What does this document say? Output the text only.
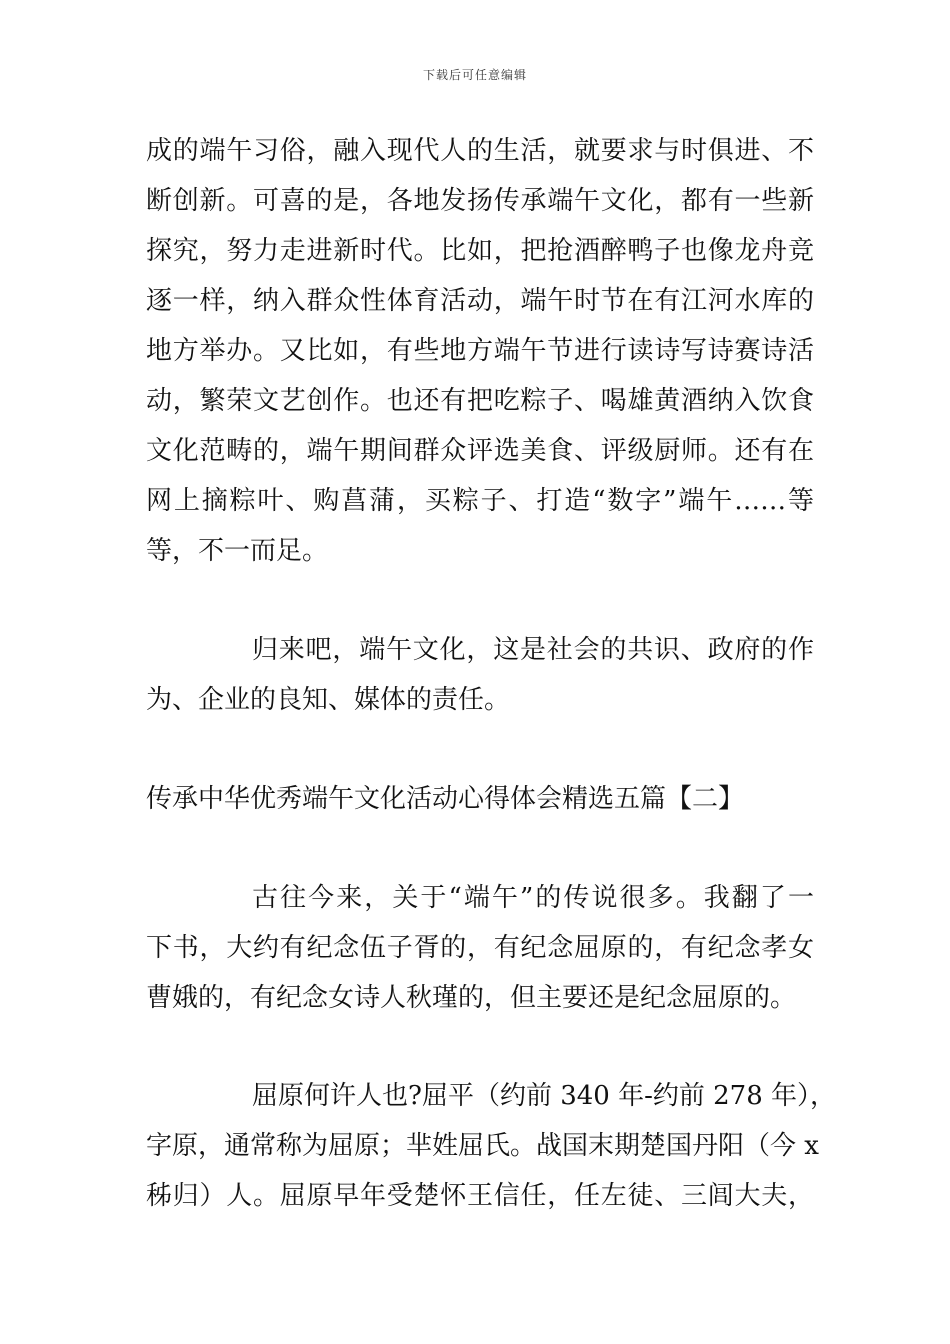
下载后可任意编辑
成的端午习俗，融入现代人的生活，就要求与时俱进、不
断创新。可喜的是，各地发扬传承端午文化，都有一些新
探究，努力走进新时代。比如，把抢酒醉鸭子也像龙舟竞
逐一样，纳入群众性体育活动，端午时节在有江河水库的
地方举办。又比如，有些地方端午节进行读诗写诗赛诗活
动，繁荣文艺创作。也还有把吃粽子、喝雄黄酒纳入饮食
文化范畴的，端午期间群众评选美食、评级厨师。还有在
网上摘粽叶、购菖蒲，买粽子、打造“数字”端午……等
等，不一而足。
归来吧，端午文化，这是社会的共识、政府的作
为、企业的良知、媒体的责任。
传承中华优秀端午文化活动心得体会精选五篇【二】
古往今来，关于“端午”的传说很多。我翻了一
下书，大约有纪念伍子胥的，有纪念屈原的，有纪念孝女
曹娥的，有纪念女诗人秋瑾的，但主要还是纪念屈原的。
屈原何许人也?屈平（约前 340 年-约前 278 年），
字原，通常称为屈原；芈姓屈氏。战国末期楚国丹阳（今 x
秭归）人。屈原早年受楚怀王信任，任左徒、三闾大夫，
